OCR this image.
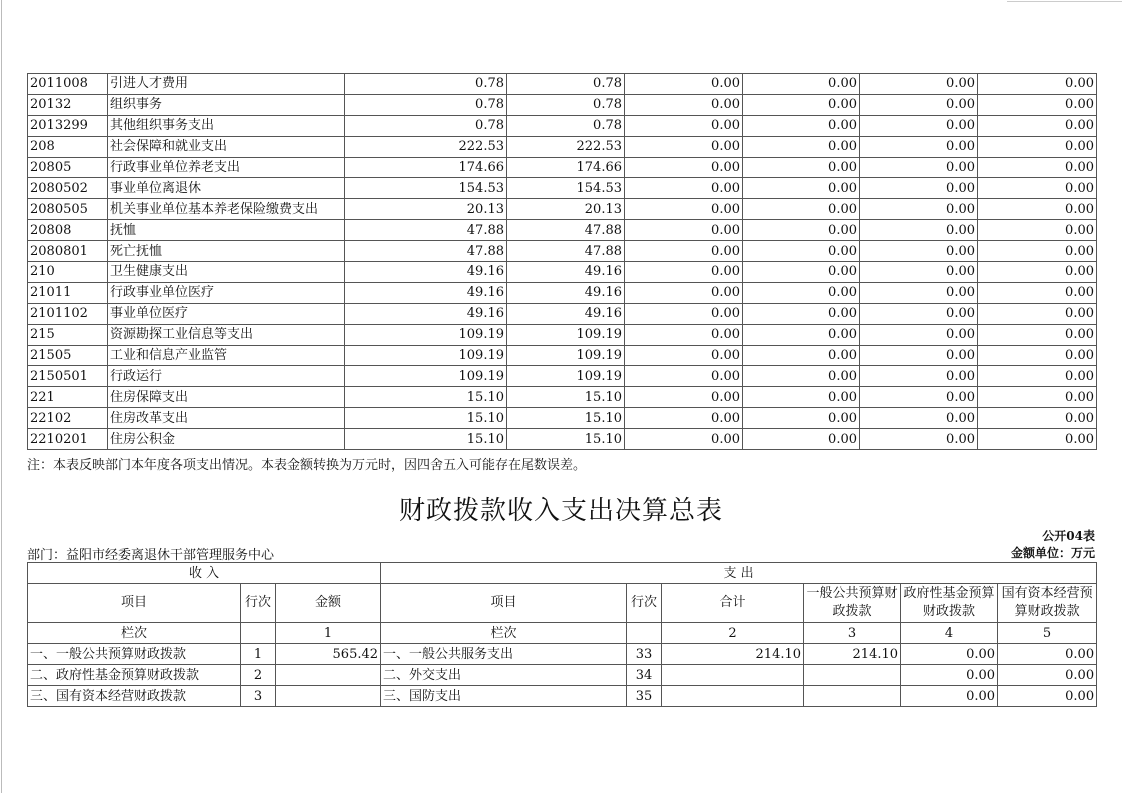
2011008	引进人才费用	0.78	0.78	0.00	0.00	0.00	0.00
20132	组织事务	0.78	0.78	0.00	0.00	0.00	0.00
2013299	其他组织事务支出	0.78	0.78	0.00	0.00	0.00	0.00
208	社会保障和就业支出	222.53	222.53	0.00	0.00	0.00	0.00
20805	行政事业单位养老支出	174.66	174.66	0.00	0.00	0.00	0.00
2080502	事业单位离退休	154.53	154.53	0.00	0.00	0.00	0.00
2080505	机关事业单位基本养老保险缴费支出	20.13	20.13	0.00	0.00	0.00	0.00
20808	抚恤	47.88	47.88	0.00	0.00	0.00	0.00
2080801	死亡抚恤	47.88	47.88	0.00	0.00	0.00	0.00
210	卫生健康支出	49.16	49.16	0.00	0.00	0.00	0.00
21011	行政事业单位医疗	49.16	49.16	0.00	0.00	0.00	0.00
2101102	事业单位医疗	49.16	49.16	0.00	0.00	0.00	0.00
215	资源勘探工业信息等支出	109.19	109.19	0.00	0.00	0.00	0.00
21505	工业和信息产业监管	109.19	109.19	0.00	0.00	0.00	0.00
2150501	行政运行	109.19	109.19	0.00	0.00	0.00	0.00
221	住房保障支出	15.10	15.10	0.00	0.00	0.00	0.00
22102	住房改革支出	15.10	15.10	0.00	0.00	0.00	0.00
2210201	住房公积金	15.10	15.10	0.00	0.00	0.00	0.00
注：本表反映部门本年度各项支出情况。本表金额转换为万元时，因四舍五入可能存在尾数误差。
财政拨款收入支出决算总表
公开04表
部门：益阳市经委离退休干部管理服务中心	金额单位：万元
收 入			支 出					
项目	行次	金额	项目	行次	合计	一般公共预算财政拨款	政府性基金预算财政拨款	国有资本经营预算财政拨款
栏次		1	栏次		2	3	4	5
一、一般公共预算财政拨款	1	565.42	一、一般公共服务支出	33	214.10	214.10	0.00	0.00
二、政府性基金预算财政拨款	2		二、外交支出	34			0.00	0.00
三、国有资本经营财政拨款	3		三、国防支出	35			0.00	0.00
